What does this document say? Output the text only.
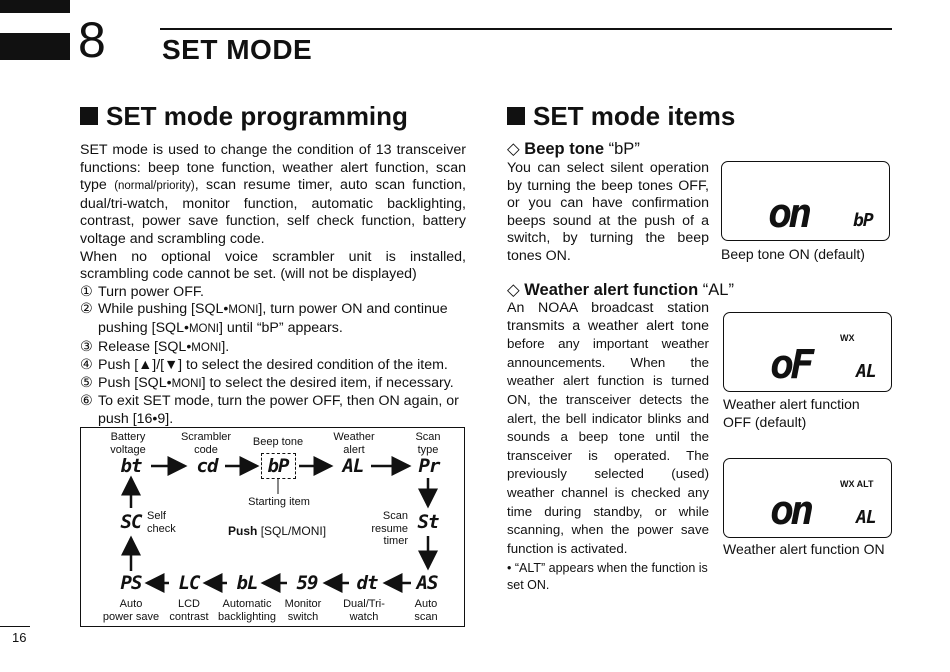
8 SET MODE
SET mode programming

SET mode is used to change the condition of 13 transceiver functions: beep tone function, weather alert function, scan type (normal/priority), scan resume timer, auto scan function, dual/tri-watch, monitor function, automatic backlighting, contrast, power save function, self check function, battery voltage and scrambling code.

When no optional voice scrambler unit is installed, scrambling code cannot be set. (will not be displayed)

① Turn power OFF.
② While pushing [SQL•MONI], turn power ON and continue pushing [SQL•MONI] until “bP” appears.
③ Release [SQL•MONI].
④ Push [▲]/[▼] to select the desired condition of the item.
⑤ Push [SQL•MONI] to select the desired item, if necessary.
⑥ To exit SET mode, turn the power OFF, then ON again, or push [16•9].
Battery
voltage
bt
Scrambler
code
cd
Beep tone
bP
Weather
alert
AL
Scan
type
Pr
Starting item
SC Self
check	Push [SQL/MONI]
Scan resume
timer
St
PS
Auto
power save
LC
LCD
contrast
bL
Automatic
backlighting
59
Monitor
switch
dt
Dual/Tri-
watch
AS
Auto
scan
SET mode items
◇ Beep tone “bP”

You can select silent operation by turning the beep tones OFF, or you can have confirmation beeps sound at the push of a switch, by turning the beep tones ON.

on bP
Beep tone ON (default)
◇ Weather alert function “AL”

An NOAA broadcast station transmits a weather alert tone before any important weather announcements. When the weather alert function is turned ON, the transceiver detects the alert, the bell indicator blinks and sounds a beep tone until the transceiver is operated. The previously selected (used) weather channel is checked any time during standby, or while scanning, when the power save function is activated.

• “ALT” appears when the function is set ON.

WX
oF	AL
Weather alert function
OFF (default)
WX ALT
on	AL
Weather alert function ON
16
